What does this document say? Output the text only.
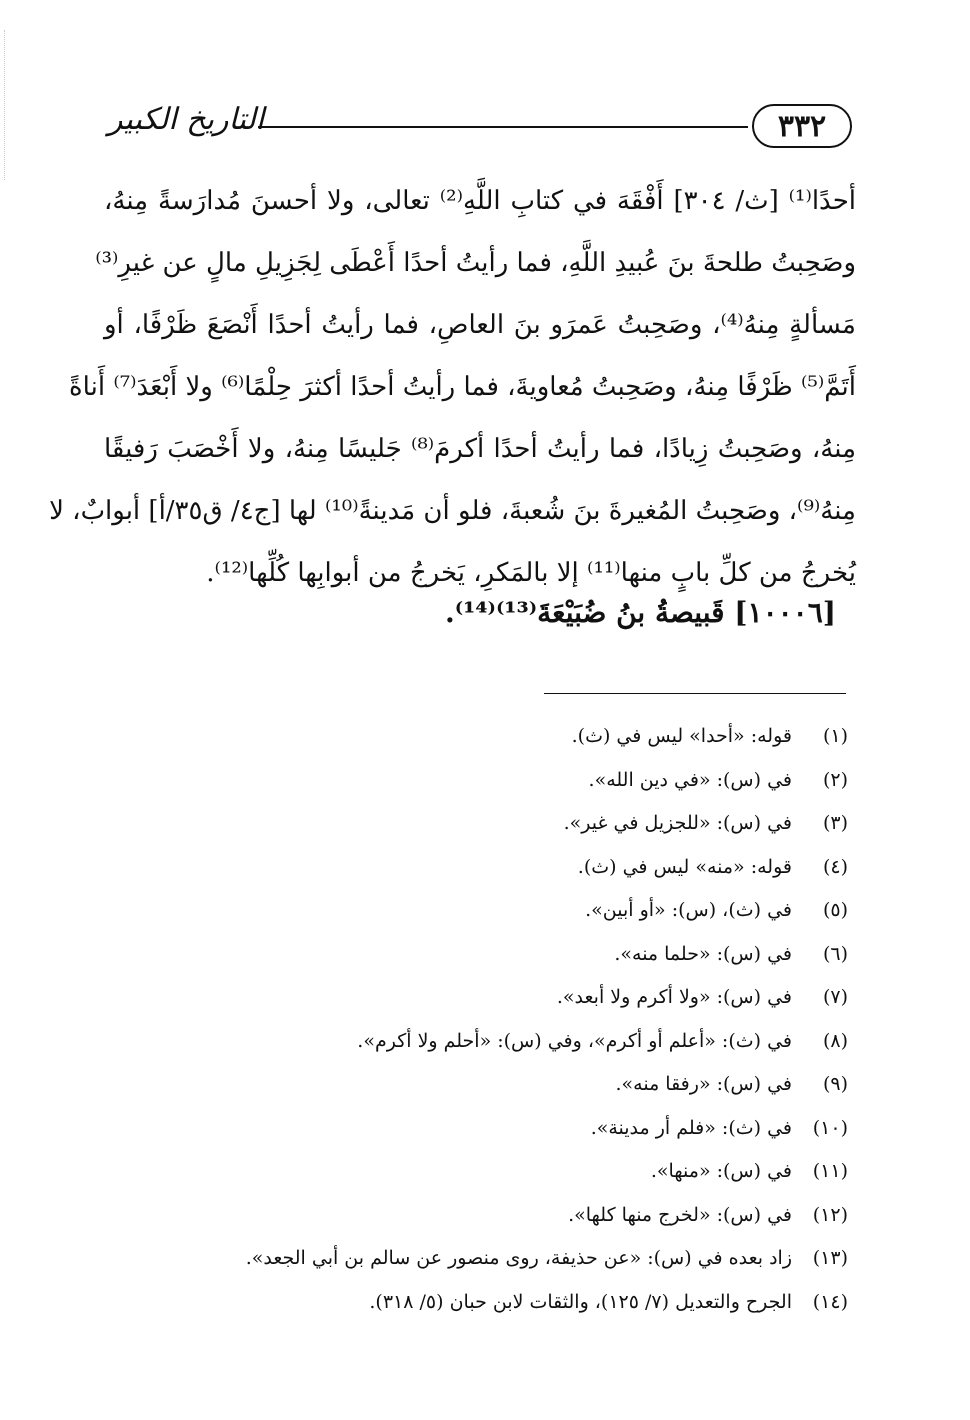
٣٣٢
التاريخ الكبير
أحدًا⁽¹⁾ [ث/ ٣٠٤] أَفْقَهَ في كتابِ اللَّهِ⁽²⁾ تعالى، ولا أحسنَ مُدارَسةً مِنهُ،
وصَحِبتُ طلحةَ بنَ عُبيدِ اللَّهِ، فما رأيتُ أحدًا أَعْطَى لِجَزِيلِ مالٍ عن غيرِ⁽³⁾
مَسألةٍ مِنهُ⁽⁴⁾، وصَحِبتُ عَمرَو بنَ العاصِ، فما رأيتُ أحدًا أَنْصَعَ ظَرْفًا، أو
أَتَمَّ⁽⁵⁾ ظَرْفًا مِنهُ، وصَحِبتُ مُعاويةَ، فما رأيتُ أحدًا أكثرَ حِلْمًا⁽⁶⁾ ولا أَبْعَدَ⁽⁷⁾ أَناةً
مِنهُ، وصَحِبتُ زِيادًا، فما رأيتُ أحدًا أكرمَ⁽⁸⁾ جَليسًا مِنهُ، ولا أَخْصَبَ رَفيقًا
مِنهُ⁽⁹⁾، وصَحِبتُ المُغيرةَ بنَ شُعبةَ، فلو أن مَدينةً⁽¹⁰⁾ لها [ج٤/ ق٣٥/أ] أبوابٌ، لا
يُخرجُ من كلِّ بابٍ منها⁽¹¹⁾ إلا بالمَكرِ، يَخرجُ من أبوابِها كُلِّها⁽¹²⁾.
[١٠٠٠٦] قَبيصةُ بنُ ضُبَيْعَةَ⁽¹³⁾⁽¹⁴⁾.
(١)قوله: «أحدا» ليس في (ث).
(٢)في (س): «في دين الله».
(٣)في (س): «للجزيل في غير».
(٤)قوله: «منه» ليس في (ث).
(٥)في (ث)، (س): «أو أبين».
(٦)في (س): «حلما منه».
(٧)في (س): «ولا أكرم ولا أبعد».
(٨)في (ث): «أعلم أو أكرم»، وفي (س): «أحلم ولا أكرم».
(٩)في (س): «رفقا منه».
(١٠)في (ث): «فلم أر مدينة».
(١١)في (س): «منها».
(١٢)في (س): «لخرج منها كلها».
(١٣)زاد بعده في (س): «عن حذيفة، روى منصور عن سالم بن أبي الجعد».
(١٤)الجرح والتعديل (٧/ ١٢٥)، والثقات لابن حبان (٥/ ٣١٨).
